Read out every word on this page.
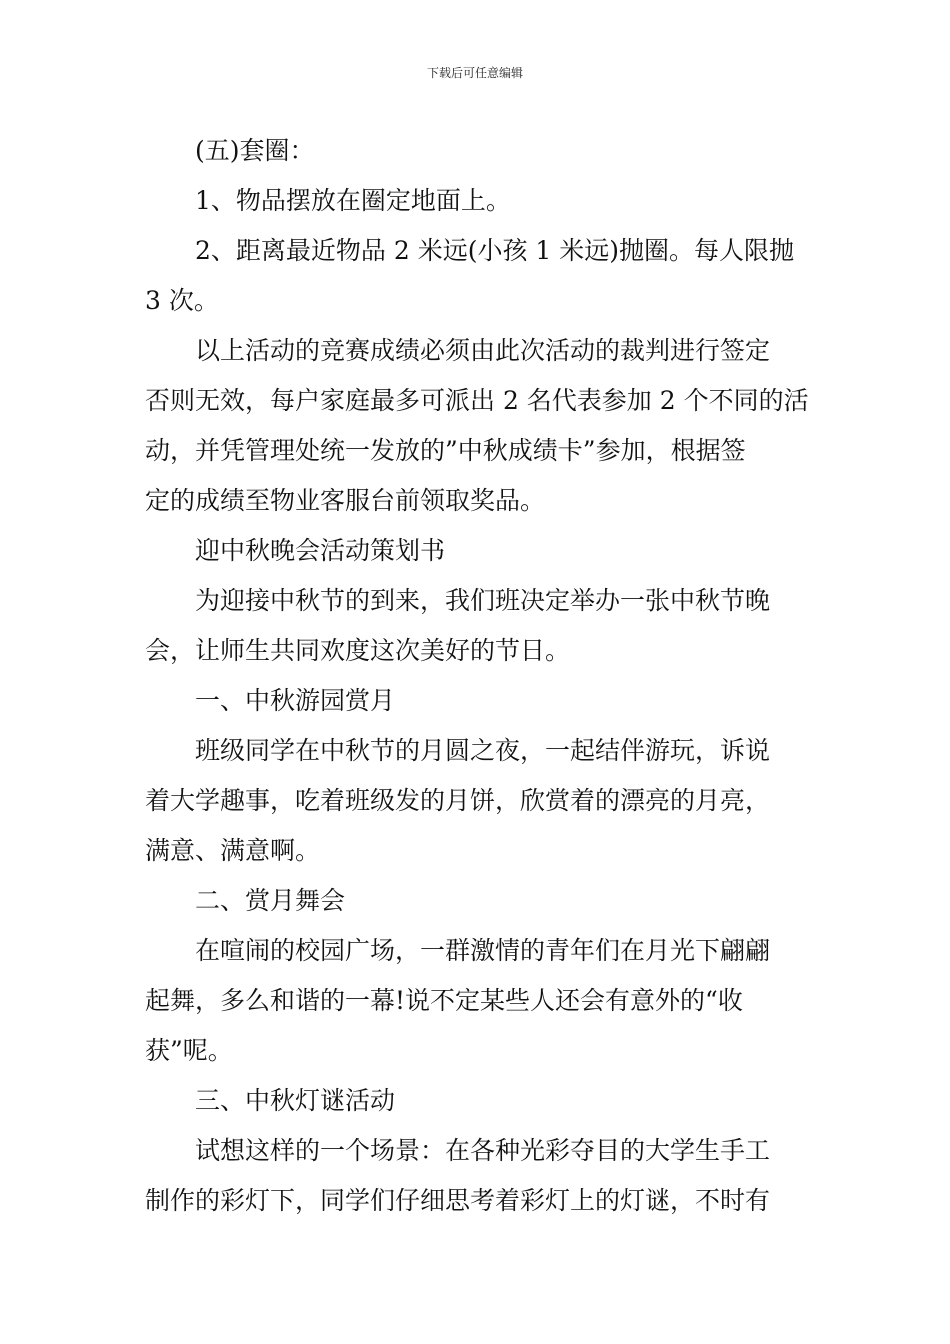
下载后可任意编辑

(五)套圈：

1、物品摆放在圈定地面上。

2、距离最近物品 2 米远(小孩 1 米远)抛圈。每人限抛
3 次。

以上活动的竞赛成绩必须由此次活动的裁判进行签定
否则无效，每户家庭最多可派出 2 名代表参加 2 个不同的活
动，并凭管理处统一发放的”中秋成绩卡”参加，根据签
定的成绩至物业客服台前领取奖品。

迎中秋晚会活动策划书

为迎接中秋节的到来，我们班决定举办一张中秋节晚
会，让师生共同欢度这次美好的节日。

一、中秋游园赏月

班级同学在中秋节的月圆之夜，一起结伴游玩，诉说
着大学趣事，吃着班级发的月饼，欣赏着的漂亮的月亮，
满意、满意啊。

二、赏月舞会

在喧闹的校园广场，一群激情的青年们在月光下翩翩
起舞，多么和谐的一幕!说不定某些人还会有意外的“收
获”呢。

三、中秋灯谜活动

试想这样的一个场景：在各种光彩夺目的大学生手工
制作的彩灯下，同学们仔细思考着彩灯上的灯谜，不时有
